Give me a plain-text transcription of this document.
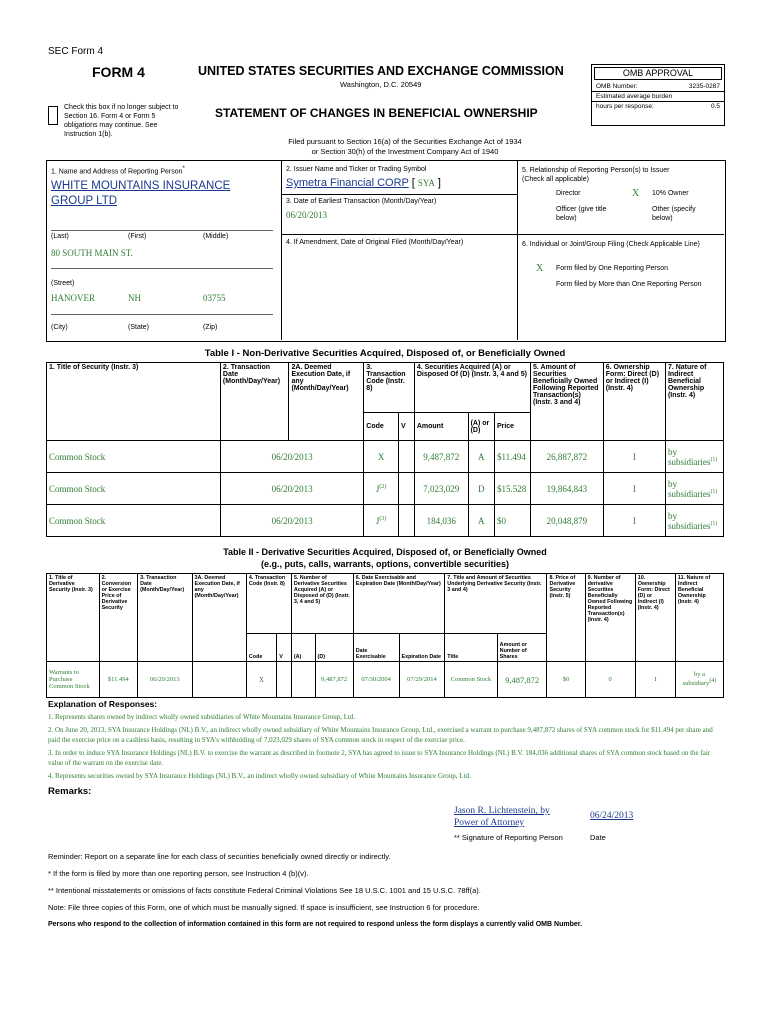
SEC Form 4
FORM 4	UNITED STATES SECURITIES AND EXCHANGE COMMISSION
Washington, D.C. 20549
STATEMENT OF CHANGES IN BENEFICIAL OWNERSHIP
Check this box if no longer subject to Section 16. Form 4 or Form 5 obligations may continue. See Instruction 1(b).
Filed pursuant to Section 16(a) of the Securities Exchange Act of 1934
or Section 30(h) of the Investment Company Act of 1940
OMB APPROVAL
OMB Number:	3235-0287
Estimated average burden
hours per response:	0.5
1. Name and Address of Reporting Person*
WHITE MOUNTAINS INSURANCE GROUP LTD
(Last)	(First)	(Middle)
80 SOUTH MAIN ST.
(Street)
HANOVER	NH	03755
(City)	(State)	(Zip)
2. Issuer Name and Ticker or Trading Symbol
Symetra Financial CORP [ SYA ]
3. Date of Earliest Transaction (Month/Day/Year)
06/20/2013
4. If Amendment, Date of Original Filed (Month/Day/Year)
5. Relationship of Reporting Person(s) to Issuer
(Check all applicable)
Director	X 10% Owner
Officer (give title below)
Other (specify below)
6. Individual or Joint/Group Filing (Check Applicable Line)
X Form filed by One Reporting Person
Form filed by More than One Reporting Person
Table I - Non-Derivative Securities Acquired, Disposed of, or Beneficially Owned
1. Title of Security (Instr. 3)	2. Transaction Date (Month/Day/Year)	2A. Deemed Execution Date, if any (Month/Day/Year)	3. Transaction Code (Instr. 8)		4. Securities Acquired (A) or Disposed Of (D) (Instr. 3, 4 and 5)			5. Amount of Securities Beneficially Owned Following Reported Transaction(s) (Instr. 3 and 4)	6. Ownership Form: Direct (D) or Indirect (I) (Instr. 4)	7. Nature of Indirect Beneficial Ownership (Instr. 4)
			Code	V	Amount	(A) or (D)	Price			
Common Stock	06/20/2013		X		9,487,872	A	$11.494	26,887,872	I	by subsidiaries$^{(1)}$
Common Stock	06/20/2013		$J^{(2)}$		7,023,029	D	$15.528	19,864,843	I	by subsidiaries$^{(1)}$
Common Stock	06/20/2013		$J^{(3)}$		184,036	A	$0	20,048,879	I	by subsidiaries$^{(1)}$
Table II - Derivative Securities Acquired, Disposed of, or Beneficially Owned
(e.g., puts, calls, warrants, options, convertible securities)
1. Title of Derivative Security (Instr. 3)	2. Conversion or Exercise Price of Derivative Security	3. Transaction Date (Month/Day/Year)	3A. Deemed Execution Date, if any (Month/Day/Year)	4. Transaction Code (Instr. 8)		5. Number of Derivative Securities Acquired (A) or Disposed of (D) (Instr. 3, 4 and 5)		6. Date Exercisable and Expiration Date (Month/Day/Year)		7. Title and Amount of Securities Underlying Derivative Security (Instr. 3 and 4)		8. Price of Derivative Security (Instr. 5)	9. Number of derivative Securities Beneficially Owned Following Reported Transaction(s) (Instr. 4)	10. Ownership Form: Direct (D) or Indirect (I) (Instr. 4)	11. Nature of Indirect Beneficial Ownership (Instr. 4)
				Code	V	(A)	(D)	Date Exercisable	Expiration Date	Title	Amount or Number of Shares				
Warrants to Purchase Common Stock	$11.494	06/20/2013		X			9,487,872	07/30/2004	07/29/2014	Common Stock	9,487,872	$0	0	I	by a subsidiary$^{(4)}$
Explanation of Responses:
1. Represents shares owned by indirect wholly owned subsidiaries of White Mountains Insurance Group, Ltd.
2. On June 20, 2013, SYA Insurance Holdings (NL) B.V., an indirect wholly owned subsidiary of White Mountains Insurance Group, Ltd., exercised a warrant to purchase 9,487,872 shares of SYA common stock for $11.494 per share and paid the exercise price on a cashless basis, resulting in SYA's withholding of 7,023,029 shares of SYA common stock in respect of the exercise price.
3. In order to induce SYA Insurance Holdings (NL) B.V. to exercise the warrant as described in footnote 2, SYA has agreed to issue to SYA Insurance Holdings (NL) B.V. 184,036 additional shares of SYA common stock based on the fair value of the warrant on the exercise date.
4. Represents securities owned by SYA Insurance Holdings (NL) B.V., an indirect wholly owned subsidiary of White Mountains Insurance Group, Ltd.
Remarks:
Jason R. Lichtenstein, by Power of Attorney
06/24/2013
** Signature of Reporting Person	Date
Reminder: Report on a separate line for each class of securities beneficially owned directly or indirectly.
* If the form is filed by more than one reporting person, see Instruction 4 (b)(v).
** Intentional misstatements or omissions of facts constitute Federal Criminal Violations See 18 U.S.C. 1001 and 15 U.S.C. 78ff(a).
Note: File three copies of this Form, one of which must be manually signed. If space is insufficient, see Instruction 6 for procedure.
Persons who respond to the collection of information contained in this form are not required to respond unless the form displays a currently valid OMB Number.
